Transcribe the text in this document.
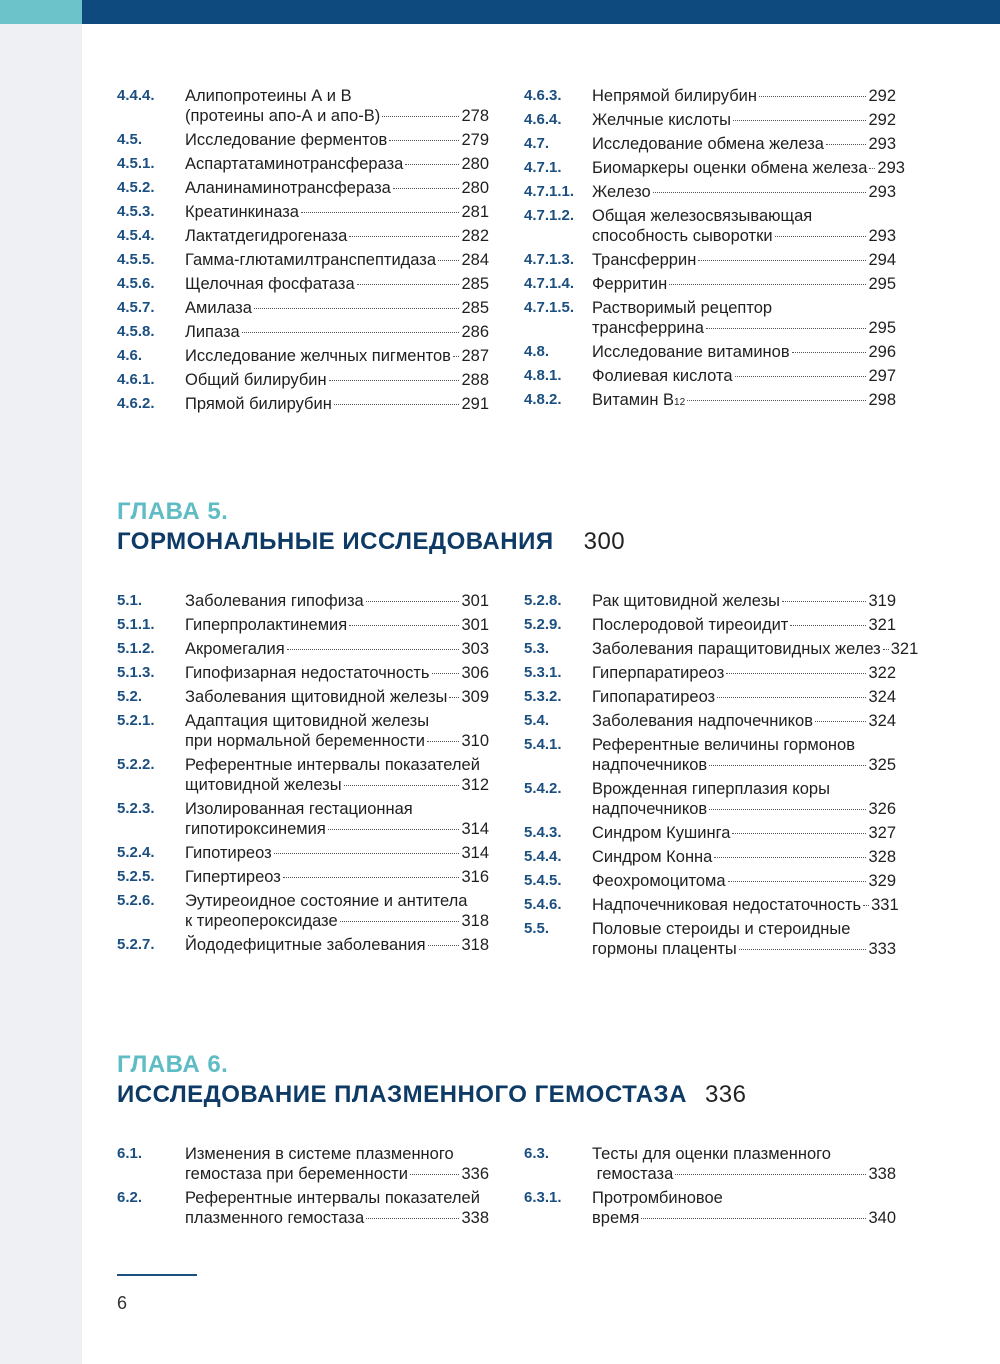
4.4.4.	Алипопротеины А и В
(протеины апо-А и апо-В)	278
4.5.	Исследование ферментов	279
4.5.1.	Аспартатаминотрансфераза	280
4.5.2.	Аланинаминотрансфераза	280
4.5.3.	Креатинкиназа	281
4.5.4.	Лактатдегидрогеназа	282
4.5.5.	Гамма-глютамилтранспептидаза 284
4.5.6.	Щелочная фосфатаза	285
4.5.7.	Амилаза	285
4.5.8.	Липаза	286
4.6.	Исследование желчных пигментов 287
4.6.1.	Общий билирубин	288
4.6.2.	Прямой билирубин	291
4.6.3.	Непрямой билирубин	292
4.6.4.	Желчные кислоты	292
4.7.	Исследование обмена железа	293
4.7.1.	Биомаркеры оценки обмена железа 293
4.7.1.1.	Железо	293
4.7.1.2.	Общая железосвязывающая
способность сыворотки	293
4.7.1.3.	Трансферрин	294
4.7.1.4.	Ферритин	295
4.7.1.5.	Растворимый рецептор
трансферрина	295
4.8.	Исследование витаминов	296
4.8.1.	Фолиевая кислота	297
4.8.2.	Витамин B 12	298
ГЛАВА 5.
ГОРМОНАЛЬНЫЕ ИССЛЕДОВАНИЯ 300
5.1.	Заболевания гипофиза	301
5.1.1.	Гиперпролактинемия	301
5.1.2.	Акромегалия	303
5.1.3.	Гипофизарная недостаточность 306
5.2.	Заболевания щитовидной железы 309
5.2.1.	Адаптация щитовидной железы
при нормальной беременности 310
5.2.2.	Референтные интервалы показателей
щитовидной железы	312
5.2.3.	Изолированная гестационная
гипотироксинемия	314
5.2.4.	Гипотиреоз	314
5.2.5.	Гипертиреоз	316
5.2.6.	Эутиреоидное состояние и антитела
к тиреопероксидазе	318
5.2.7.	Йододефицитные заболевания 318
5.2.8.	Рак щитовидной железы	319
5.2.9.	Послеродовой тиреоидит	321
5.3.	Заболевания паращитовидных желез 321
5.3.1.	Гиперпаратиреоз	322
5.3.2.	Гипопаратиреоз	324
5.4.	Заболевания надпочечников	324
5.4.1.	Референтные величины гормонов
надпочечников	325
5.4.2.	Врожденная гиперплазия коры
надпочечников	326
5.4.3.	Синдром Кушинга	327
5.4.4.	Синдром Конна	328
5.4.5.	Феохромоцитома	329
5.4.6.	Надпочечниковая недостаточность 331
5.5.	Половые стероиды и стероидные
гормоны плаценты	333
ГЛАВА 6.
ИССЛЕДОВАНИЕ ПЛАЗМЕННОГО ГЕМОСТАЗА 336
6.1.	Изменения в системе плазменного
гемостаза при беременности	336
6.2.	Референтные интервалы показателей
плазменного гемостаза	338
6.3.	Тесты для оценки плазменного
гемостаза	338
6.3.1.	Протромбиновое
время	340
6
